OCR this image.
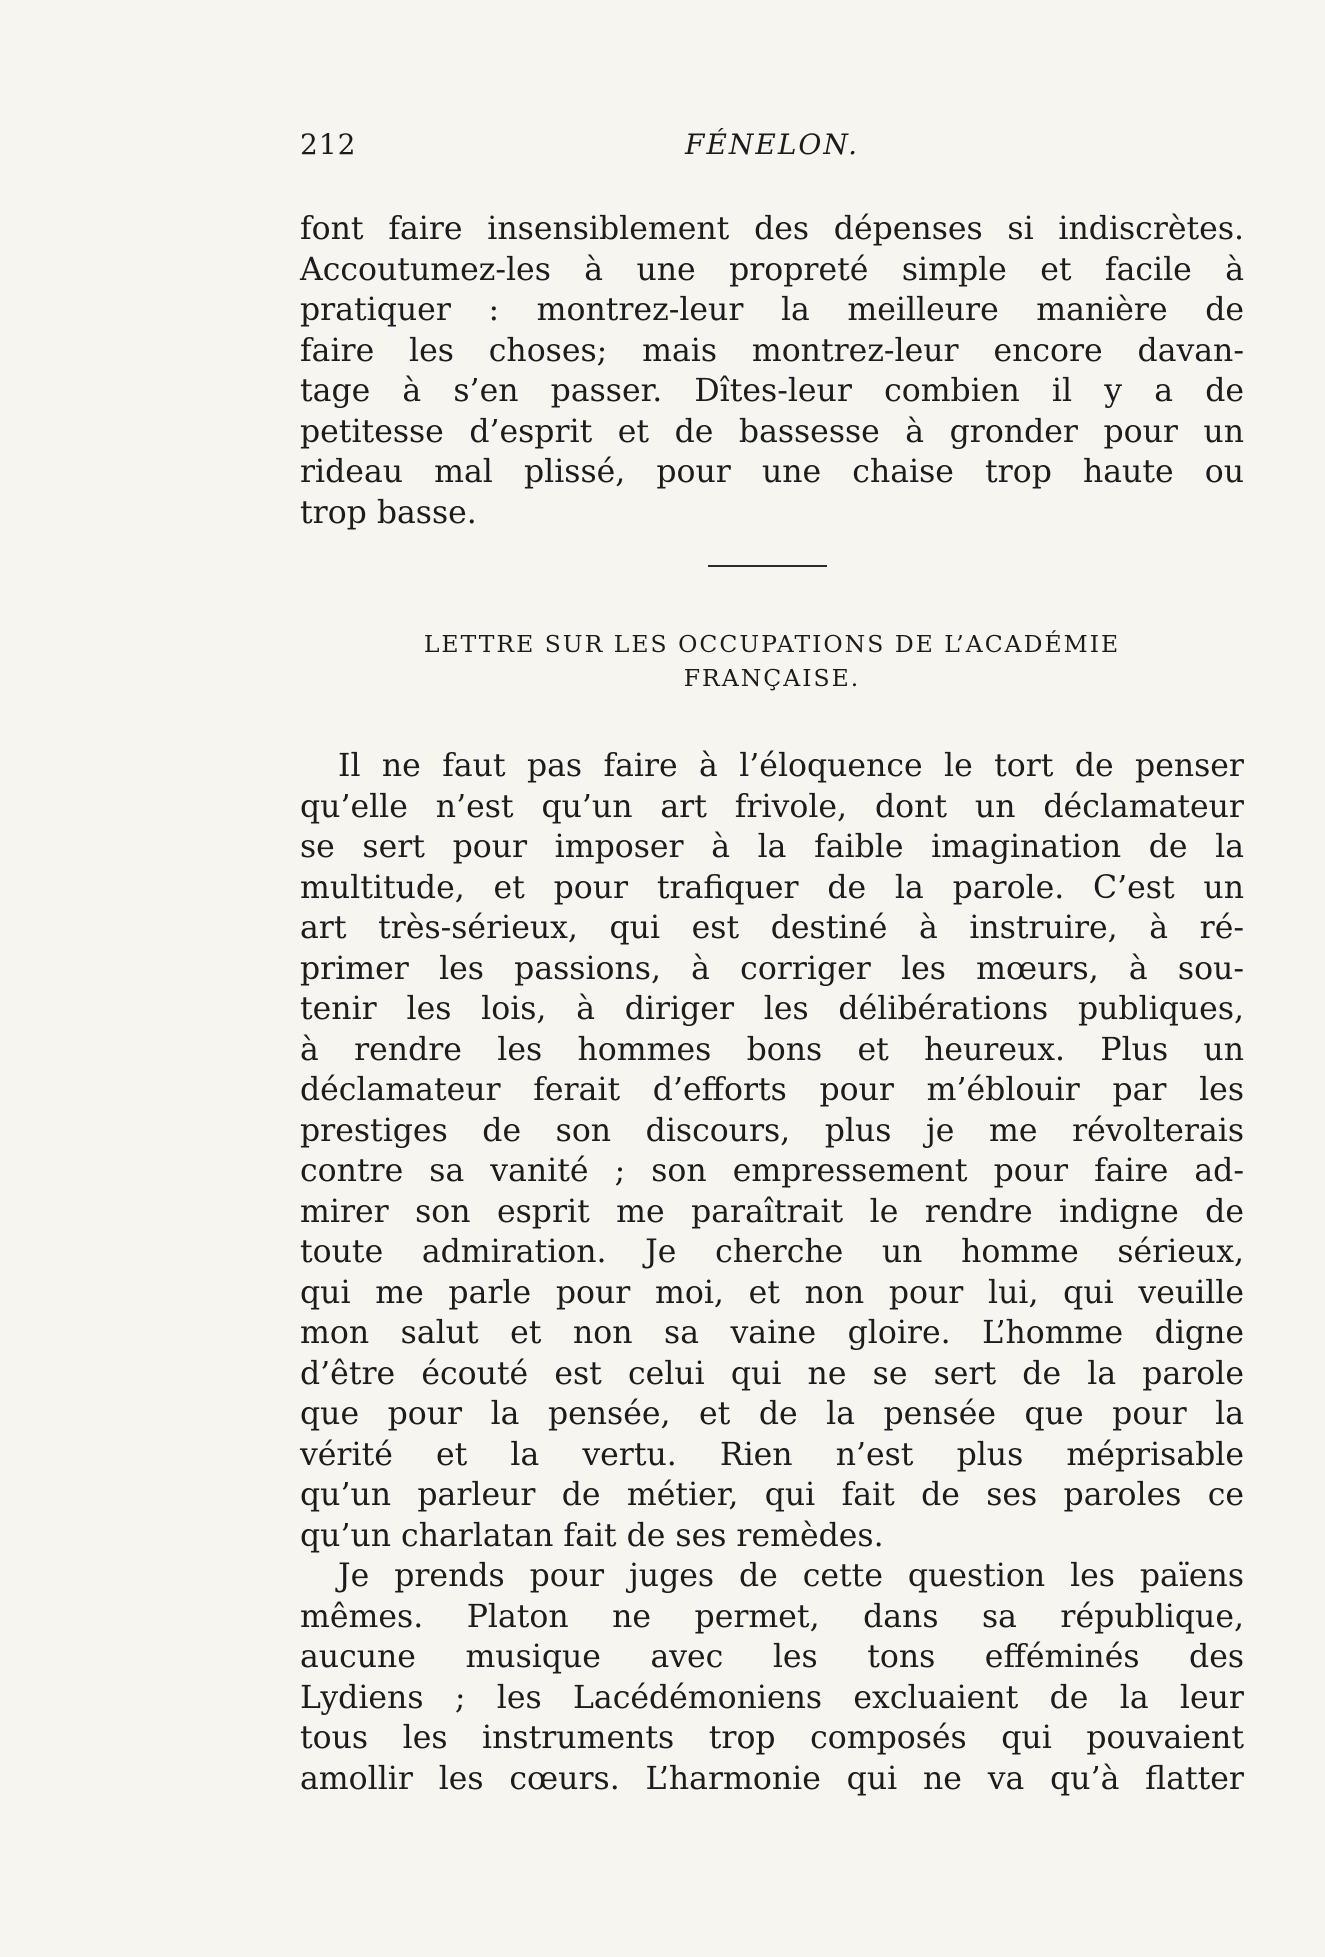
212	FÉNELON.
font faire insensiblement des dépenses si indiscrètes.
Accoutumez-les à une propreté simple et facile à
pratiquer : montrez-leur la meilleure manière de
faire les choses; mais montrez-leur encore davan-
tage à s’en passer. Dîtes-leur combien il y a de
petitesse d’esprit et de bassesse à gronder pour un
rideau mal plissé, pour une chaise trop haute ou
trop basse.
LETTRE SUR LES OCCUPATIONS DE L’ACADÉMIE
FRANÇAISE.
Il ne faut pas faire à l’éloquence le tort de penser
qu’elle n’est qu’un art frivole, dont un déclamateur
se sert pour imposer à la faible imagination de la
multitude, et pour trafiquer de la parole. C’est un
art très-sérieux, qui est destiné à instruire, à ré-
primer les passions, à corriger les mœurs, à sou-
tenir les lois, à diriger les délibérations publiques,
à rendre les hommes bons et heureux. Plus un
déclamateur ferait d’efforts pour m’éblouir par les
prestiges de son discours, plus je me révolterais
contre sa vanité ; son empressement pour faire ad-
mirer son esprit me paraîtrait le rendre indigne de
toute admiration. Je cherche un homme sérieux,
qui me parle pour moi, et non pour lui, qui veuille
mon salut et non sa vaine gloire. L’homme digne
d’être écouté est celui qui ne se sert de la parole
que pour la pensée, et de la pensée que pour la
vérité et la vertu. Rien n’est plus méprisable
qu’un parleur de métier, qui fait de ses paroles ce
qu’un charlatan fait de ses remèdes.
Je prends pour juges de cette question les païens
mêmes. Platon ne permet, dans sa république,
aucune musique avec les tons efféminés des
Lydiens ; les Lacédémoniens excluaient de la leur
tous les instruments trop composés qui pouvaient
amollir les cœurs. L’harmonie qui ne va qu’à flatter
